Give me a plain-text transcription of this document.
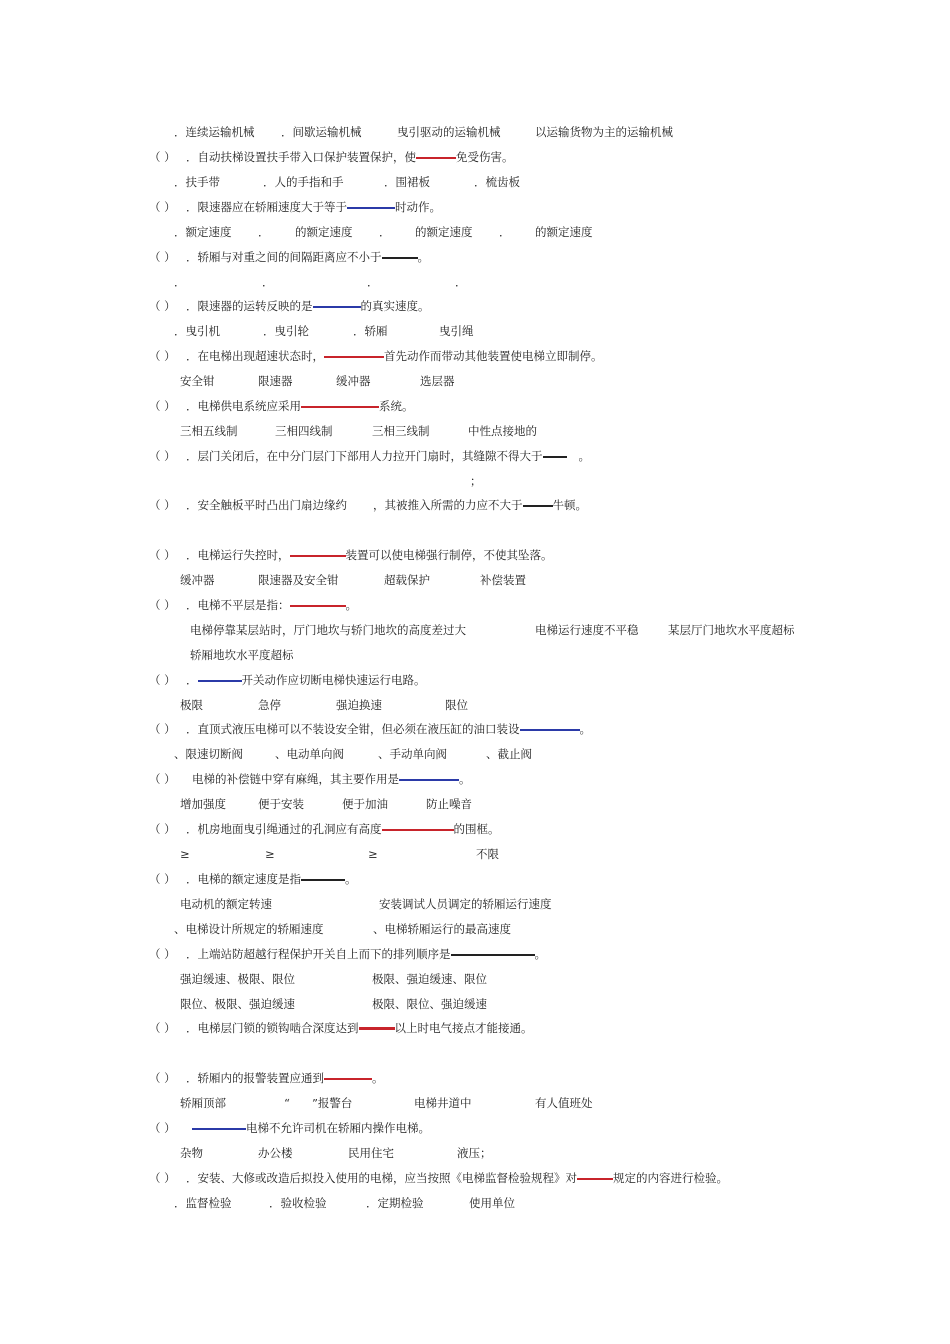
．连续运输机械 ．间歇运输机械	曳引驱动的运输机械	以运输货物为主的运输机械
（ ） ．自动扶梯设置扶手带入口保护装置保护，使	免受伤害。
．扶手带	．人的手指和手	．围裙板	．梳齿板
（ ） ．限速器应在轿厢速度大于等于	时动作。
．额定速度 ． 的额定速度 ． 的额定速度 ． 的额定速度
（ ） ．轿厢与对重之间的间隔距离应不小于	。
．	．	．	．
（ ） ．限速器的运转反映的是	的真实速度。
．曳引机	．曳引轮	．轿厢	曳引绳
（ ） ．在电梯出现超速状态时，	首先动作而带动其他装置使电梯立即制停。
安全钳	限速器	缓冲器	选层器
（ ） ．电梯供电系统应采用	系统。
三相五线制	三相四线制	三相三线制	中性点接地的
（ ） ．层门关闭后，在中分门层门下部用人力拉开门扇时，其缝隙不得大于	。
；
（ ） ．安全触板平时凸出门扇边缘约 ，其被推入所需的力应不大于	牛顿。
（ ） ．电梯运行失控时，	装置可以使电梯强行制停，不使其坠落。
缓冲器	限速器及安全钳	超载保护	补偿装置
（ ） ．电梯不平层是指：	。
电梯停靠某层站时，厅门地坎与轿门地坎的高度差过大	电梯运行速度不平稳	某层厅门地坎水平度超标
轿厢地坎水平度超标
（ ） ．	开关动作应切断电梯快速运行电路。
极限	急停	强迫换速	限位
（ ） ．直顶式液压电梯可以不装设安全钳，但必须在液压缸的油口装设	。
、限速切断阀	、电动单向阀	、手动单向阀	、截止阀
（ ） 电梯的补偿链中穿有麻绳，其主要作用是	。
增加强度	便于安装	便于加油	防止噪音
（ ） ．机房地面曳引绳通过的孔洞应有高度	的围框。
≥	≥	≥	不限
（ ） ．电梯的额定速度是指	。
电动机的额定转速	安装调试人员调定的轿厢运行速度
、电梯设计所规定的轿厢速度	、电梯轿厢运行的最高速度
（ ） ．上端站防超越行程保护开关自上而下的排列顺序是	。
强迫缓速、极限、限位	极限、强迫缓速、限位
限位、极限、强迫缓速	极限、限位、强迫缓速
（ ） ．电梯层门锁的锁钩啮合深度达到	以上时电气接点才能接通。
（ ） ．轿厢内的报警装置应通到	。
轿厢顶部	“ ”报警台	电梯井道中	有人值班处
（ ）	电梯不允许司机在轿厢内操作电梯。
杂物	办公楼	民用住宅	液压；
（ ） ．安装、大修或改造后拟投入使用的电梯，应当按照《电梯监督检验规程》对	规定的内容进行检验。
．监督检验	．验收检验	．定期检验	使用单位
